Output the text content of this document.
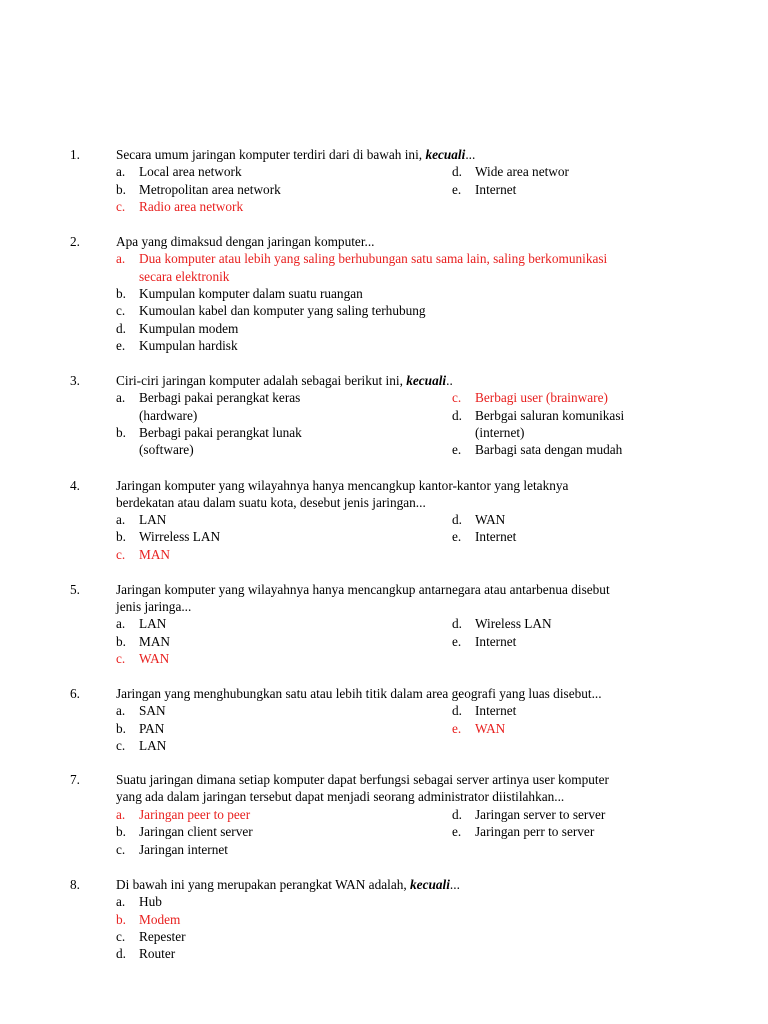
1.	Secara umum jaringan komputer terdiri dari di bawah ini, kecuali...
a. Local area network
b. Metropolitan area network
c. Radio area network
d. Wide area networ
e. Internet
2.	Apa yang dimaksud dengan jaringan komputer...
a. Dua komputer atau lebih yang saling berhubungan satu sama lain, saling berkomunikasi
secara elektronik
b. Kumpulan komputer dalam suatu ruangan
c. Kumoulan kabel dan komputer yang saling terhubung
d. Kumpulan modem
e. Kumpulan hardisk
3.	Ciri-ciri jaringan komputer adalah sebagai berikut ini, kecuali..
a. Berbagi pakai perangkat keras
(hardware)
b. Berbagi pakai perangkat lunak
(software)
c. Berbagi user (brainware)
d. Berbgai saluran komunikasi
(internet)
e. Barbagi sata dengan mudah
4.	Jaringan komputer yang wilayahnya hanya mencangkup kantor-kantor yang letaknya
berdekatan atau dalam suatu kota, desebut jenis jaringan...
a. LAN
b. Wirreless LAN
c. MAN
d. WAN
e. Internet
5.	Jaringan komputer yang wilayahnya hanya mencangkup antarnegara atau antarbenua disebut
jenis jaringa...
a. LAN
b. MAN
c. WAN
d. Wireless LAN
e. Internet
6.	Jaringan yang menghubungkan satu atau lebih titik dalam area geografi yang luas disebut...
a. SAN
b. PAN
c. LAN
d. Internet
e. WAN
7.	Suatu jaringan dimana setiap komputer dapat berfungsi sebagai server artinya user komputer
yang ada dalam jaringan tersebut dapat menjadi seorang administrator diistilahkan...
a. Jaringan peer to peer
b. Jaringan client server
c. Jaringan internet
d. Jaringan server to server
e. Jaringan perr to server
8.	Di bawah ini yang merupakan perangkat WAN adalah, kecuali...
a. Hub
b. Modem
c. Repester
d. Router
